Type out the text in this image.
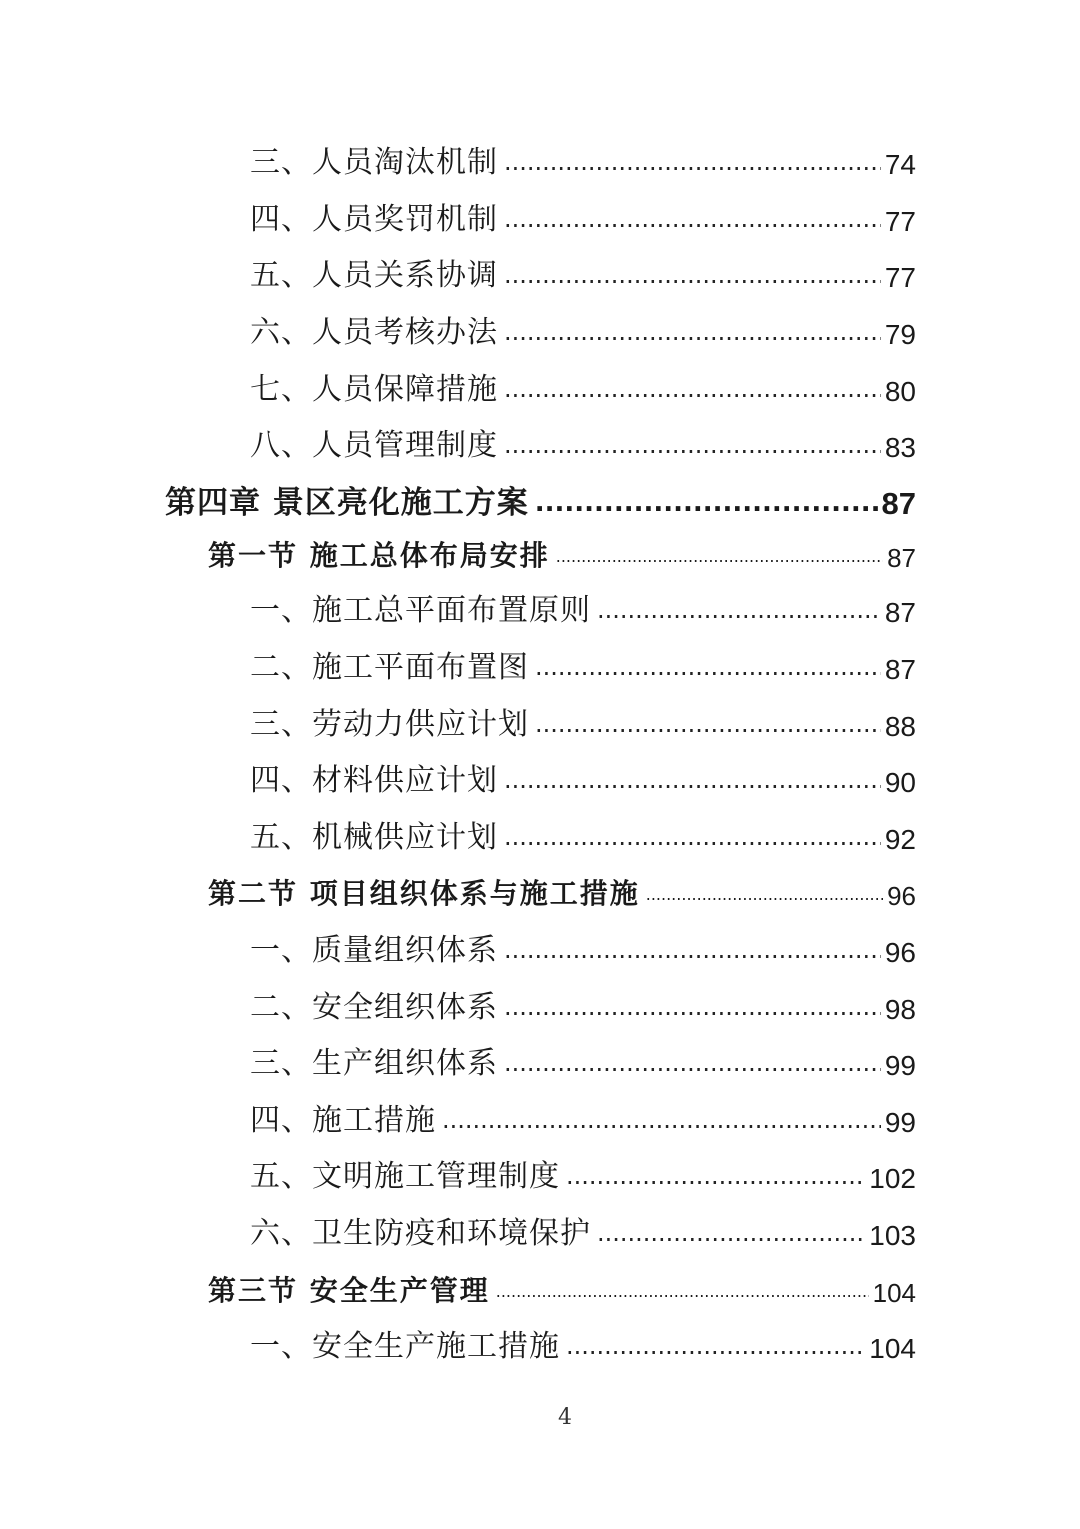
三、人员淘汰机制 .....	74
四、人员奖罚机制 .....	77
五、人员关系协调 .....	77
六、人员考核办法 .....	79
七、人员保障措施 .....	80
八、人员管理制度 .....	83
第四章 景区亮化施工方案 .....	87
第一节 施工总体布局安排 .....	87
一、施工总平面布置原则 .....	87
二、施工平面布置图 .....	87
三、劳动力供应计划 .....	88
四、材料供应计划 .....	90
五、机械供应计划 .....	92
第二节 项目组织体系与施工措施 .....	96
一、质量组织体系 .....	96
二、安全组织体系 .....	98
三、生产组织体系 .....	99
四、施工措施 .....	99
五、文明施工管理制度 .....	102
六、卫生防疫和环境保护 .....	103
第三节 安全生产管理 .....	104
一、安全生产施工措施 .....	104
4
